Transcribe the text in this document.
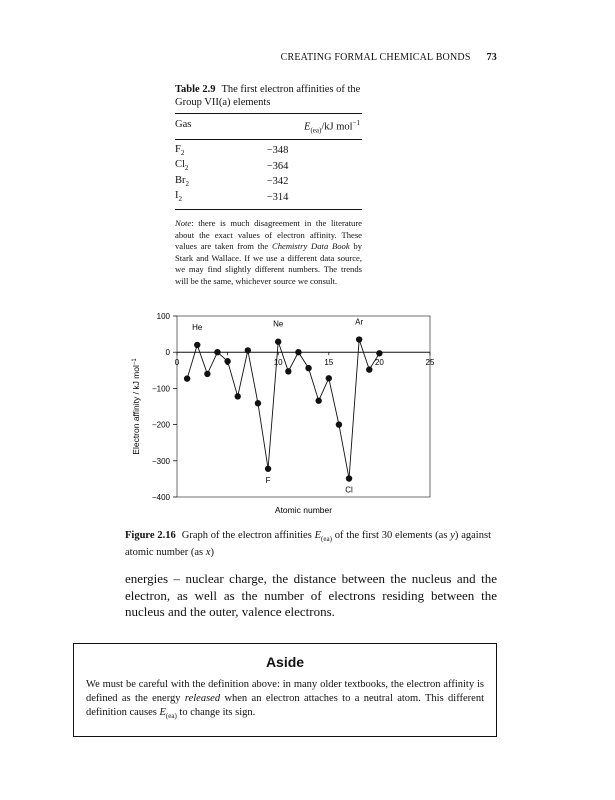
CREATING FORMAL CHEMICAL BONDS 73
Table 2.9 The first electron affinities of the Group VII(a) elements
Gas	$E_{(ea)}/kJ$ mol$^{-1}$
$F_2$	−348
$Cl_2$	−364
$Br_2$	−342
$I_2$	−314
Note: there is much disagreement in the literature about the exact values of electron affinity. These values are taken from the Chemistry Data Book by Stark and Wallace. If we use a different data source, we may find slightly different numbers. The trends will be the same, whichever source we consult.
100
0
−100
−200
−300
−400
0	10	15	20	25
He	Ne	Ar
F
Cl
Electron affinity / kJ mol$^{-1}$
Atomic number
Figure 2.16 Graph of the electron affinities $E_{(ea)}$ of the first 30 elements (as y) against atomic number (as x)
energies – nuclear charge, the distance between the nucleus and the electron, as well as the number of electrons residing between the nucleus and the outer, valence electrons.
Aside
We must be careful with the definition above: in many older textbooks, the electron affinity is defined as the energy released when an electron attaches to a neutral atom. This different definition causes $E_{(ea)}$ to change its sign.
